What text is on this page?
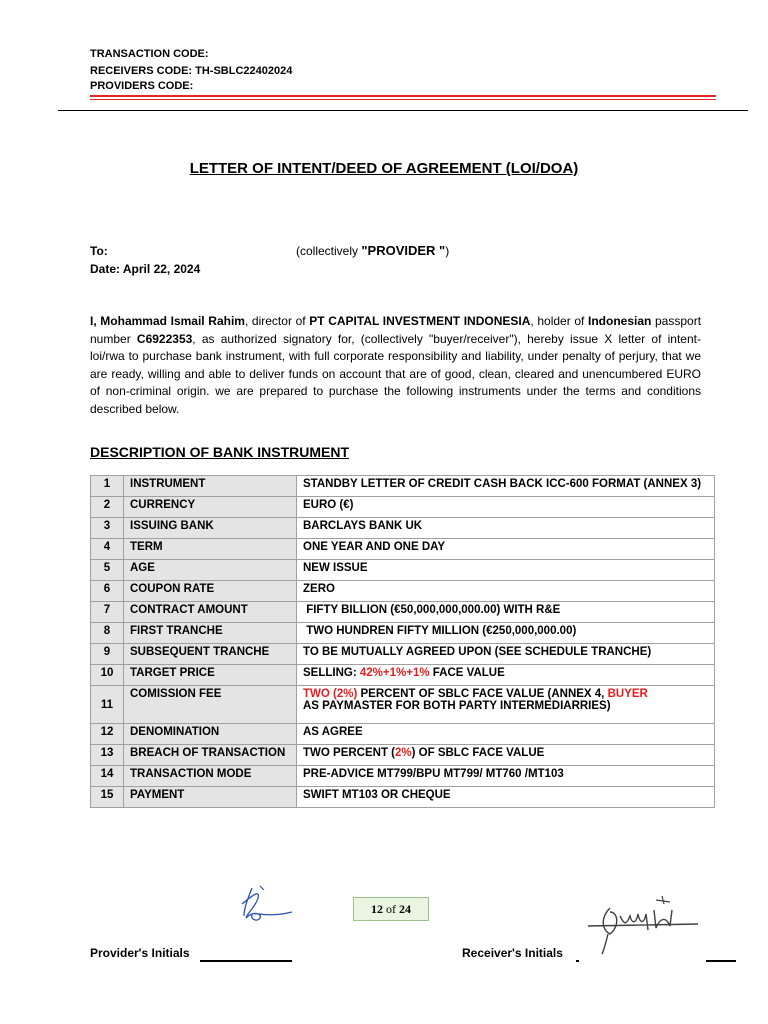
TRANSACTION CODE:
RECEIVERS CODE: TH-SBLC22402024
PROVIDERS CODE:
LETTER OF INTENT/DEED OF AGREEMENT (LOI/DOA)
To:	(collectively "PROVIDER ")
Date: April 22, 2024
I, Mohammad Ismail Rahim, director of PT CAPITAL INVESTMENT INDONESIA, holder of Indonesian passport number C6922353, as authorized signatory for, (collectively "buyer/receiver"), hereby issue X letter of intent- loi/rwa to purchase bank instrument, with full corporate responsibility and liability, under penalty of perjury, that we are ready, willing and able to deliver funds on account that are of good, clean, cleared and unencumbered EURO of non-criminal origin. we are prepared to purchase the following instruments under the terms and conditions described below.
DESCRIPTION OF BANK INSTRUMENT
1	INSTRUMENT	STANDBY LETTER OF CREDIT CASH BACK ICC-600 FORMAT (ANNEX 3)
2	CURRENCY	EURO (€)
3	ISSUING BANK	BARCLAYS BANK UK
4	TERM	ONE YEAR AND ONE DAY
5	AGE	NEW ISSUE
6	COUPON RATE	ZERO
7	CONTRACT AMOUNT	FIFTY BILLION (€50,000,000,000.00) WITH R&E
8	FIRST TRANCHE	TWO HUNDREN FIFTY MILLION (€250,000,000.00)
9	SUBSEQUENT TRANCHE	TO BE MUTUALLY AGREED UPON (SEE SCHEDULE TRANCHE)
10	TARGET PRICE	SELLING: 42%+1%+1% FACE VALUE
11	COMISSION FEE	TWO (2%) PERCENT OF SBLC FACE VALUE (ANNEX 4, BUYER
AS PAYMASTER FOR BOTH PARTY INTERMEDIARRIES)
12	DENOMINATION	AS AGREE
13	BREACH OF TRANSACTION	TWO PERCENT (2%) OF SBLC FACE VALUE
14	TRANSACTION MODE	PRE-ADVICE MT799/BPU MT799/ MT760 /MT103
15	PAYMENT	SWIFT MT103 OR CHEQUE
12 of 24
Provider's Initials	Receiver's Initials
